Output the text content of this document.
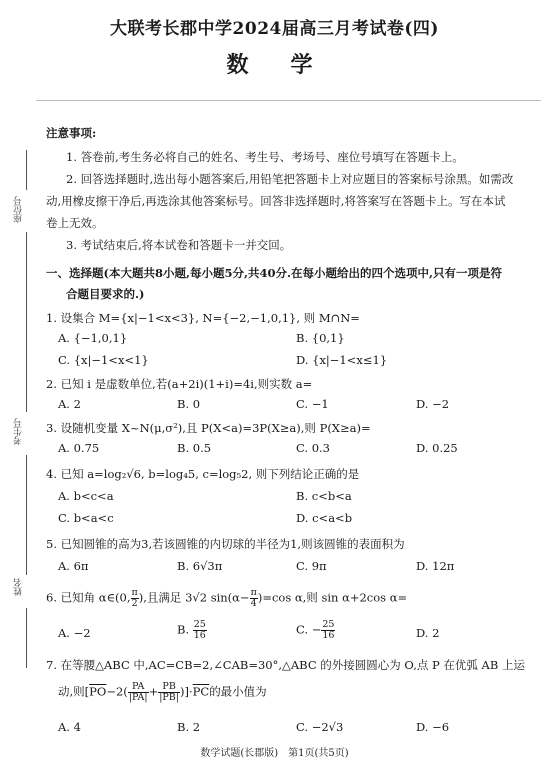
座位号
考生号
姓名
大联考长郡中学2024届高三月考试卷(四)
数　学
注意事项:
1. 答卷前,考生务必将自己的姓名、考生号、考场号、座位号填写在答题卡上。
2. 回答选择题时,选出每小题答案后,用铅笔把答题卡上对应题目的答案标号涂黑。如需改
动,用橡皮擦干净后,再选涂其他答案标号。回答非选择题时,将答案写在答题卡上。写在本试
卷上无效。
3. 考试结束后,将本试卷和答题卡一并交回。
一、选择题(本大题共8小题,每小题5分,共40分.在每小题给出的四个选项中,只有一项是符
合题目要求的.)
1. 设集合 M={x|−1<x<3}, N={−2,−1,0,1}, 则 M∩N=
A. {−1,0,1}	B. {0,1}
C. {x|−1<x<1}	D. {x|−1<x≤1}
2. 已知 i 是虚数单位,若(a+2i)(1+i)=4i,则实数 a=
A. 2	B. 0	C. −1	D. −2
3. 设随机变量 X~N(μ,σ²),且 P(X<a)=3P(X≥a),则 P(X≥a)=
A. 0.75	B. 0.5	C. 0.3	D. 0.25
4. 已知 a=log₂√6, b=log₄5, c=log₅2, 则下列结论正确的是
A. b<c<a	B. c<b<a
C. b<a<c	D. c<a<b
5. 已知圆锥的高为3,若该圆锥的内切球的半径为1,则该圆锥的表面积为
A. 6π	B. 6√3π	C. 9π	D. 12π
6. 已知角 α∈(0, $\frac{\pi}{2}$ ),且满足 3√2 $\sin(\alpha- \frac{\pi}{4} )=\cos$ α,则 sin α+2cos α=
A. −2	B. $\frac{25}{16}$	C. − $\frac{25}{16}$	D. 2
7. 在等腰△ABC 中,AC=CB=2,∠CAB=30°,△ABC 的外接圆圆心为 O,点 P 在优弧 AB 上运
动,则$[\overline{PO}-2( \frac{PA}{|PA|} + \frac{PB}{|PB|} )]\cdot\overline{PC}$的最小值为
A. 4	B. 2	C. −2√3	D. −6
数学试题(长郡版)　第1页(共5页)
